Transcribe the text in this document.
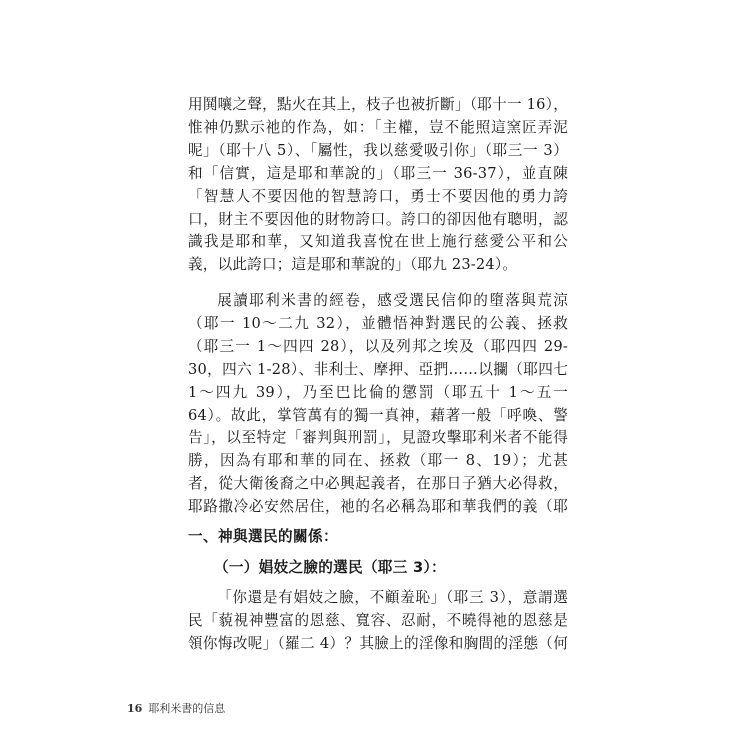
用鬨嚷之聲，點火在其上，枝子也被折斷」（耶十一 16），惟神仍默示祂的作為，如：「主權，豈不能照這窯匠弄泥呢」（耶十八 5）、「屬性，我以慈愛吸引你」（耶三一 3）和「信實，這是耶和華說的」（耶三一 36-37），並直陳「智慧人不要因他的智慧誇口，勇士不要因他的勇力誇口，財主不要因他的財物誇口。誇口的卻因他有聰明，認識我是耶和華，又知道我喜悅在世上施行慈愛公平和公義，以此誇口；這是耶和華說的」（耶九 23-24）。

展讀耶利米書的經卷，感受選民信仰的墮落與荒涼（耶一 10～二九 32），並體悟神對選民的公義、拯救（耶三一 1～四四 28），以及列邦之埃及（耶四四 29-30，四六 1-28）、非利士、摩押、亞捫……以攔（耶四七 1～四九 39），乃至巴比倫的懲罰（耶五十 1～五一 64）。故此，掌管萬有的獨一真神，藉著一般「呼喚、警告」，以至特定「審判與刑罰」，見證攻擊耶利米者不能得勝，因為有耶和華的同在、拯救（耶一 8、19）；尤甚者，從大衛後裔之中必興起義者，在那日子猶大必得救，耶路撒冷必安然居住，祂的名必稱為耶和華我們的義（耶

一、神與選民的關係：
（一）娼妓之臉的選民（耶三 3）：

「你還是有娼妓之臉，不顧羞恥」（耶三 3），意謂選民「藐視神豐富的恩慈、寬容、忍耐，不曉得祂的恩慈是領你悔改呢」（羅二 4）？其臉上的淫像和胸間的淫態（何

16 耶利米書的信息
